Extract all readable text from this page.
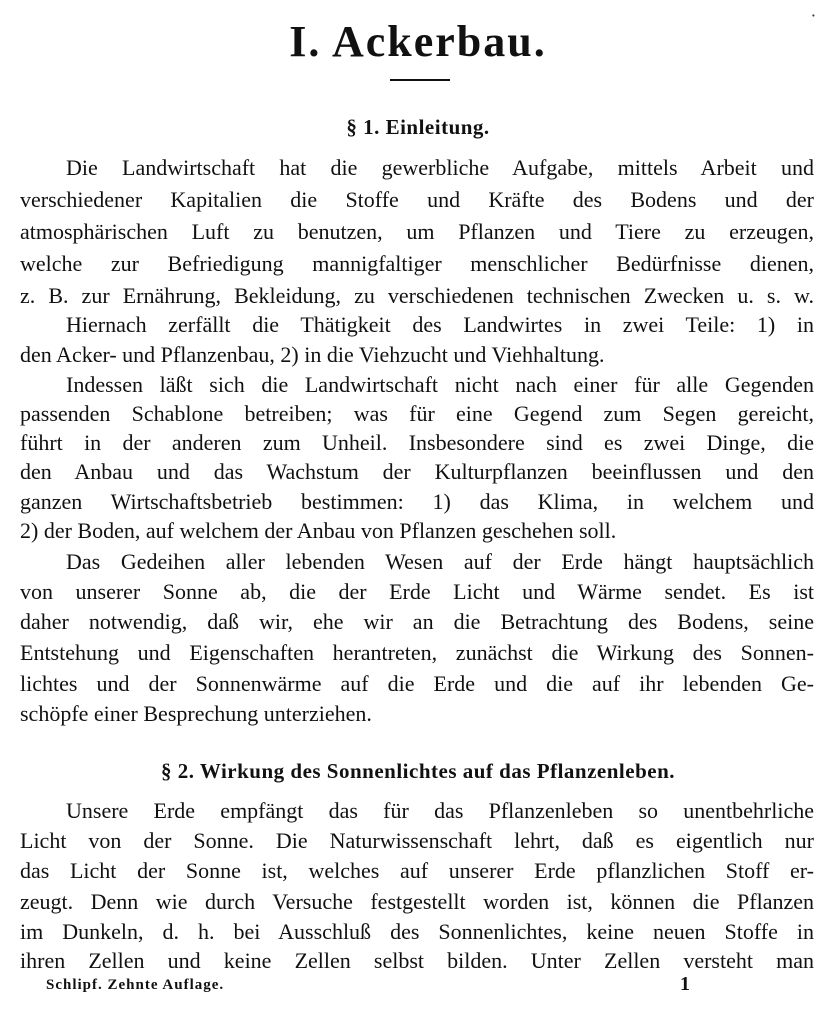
·
I. Ackerbau.
§ 1. Einleitung.
Die Landwirtschaft hat die gewerbliche Aufgabe, mittels Arbeit und
verschiedener Kapitalien die Stoffe und Kräfte des Bodens und der
atmosphärischen Luft zu benutzen, um Pflanzen und Tiere zu erzeugen,
welche zur Befriedigung mannigfaltiger menschlicher Bedürfnisse dienen,
z. B. zur Ernährung, Bekleidung, zu verschiedenen technischen Zwecken u. s. w.
Hiernach zerfällt die Thätigkeit des Landwirtes in zwei Teile: 1) in
den Acker- und Pflanzenbau, 2) in die Viehzucht und Viehhaltung.
Indessen läßt sich die Landwirtschaft nicht nach einer für alle Gegenden
passenden Schablone betreiben; was für eine Gegend zum Segen gereicht,
führt in der anderen zum Unheil. Insbesondere sind es zwei Dinge, die
den Anbau und das Wachstum der Kulturpflanzen beeinflussen und den
ganzen Wirtschaftsbetrieb bestimmen: 1) das Klima, in welchem und
2) der Boden, auf welchem der Anbau von Pflanzen geschehen soll.
Das Gedeihen aller lebenden Wesen auf der Erde hängt hauptsächlich
von unserer Sonne ab, die der Erde Licht und Wärme sendet. Es ist
daher notwendig, daß wir, ehe wir an die Betrachtung des Bodens, seine
Entstehung und Eigenschaften herantreten, zunächst die Wirkung des Sonnen-
lichtes und der Sonnenwärme auf die Erde und die auf ihr lebenden Ge-
schöpfe einer Besprechung unterziehen.
§ 2. Wirkung des Sonnenlichtes auf das Pflanzenleben.
Unsere Erde empfängt das für das Pflanzenleben so unentbehrliche
Licht von der Sonne. Die Naturwissenschaft lehrt, daß es eigentlich nur
das Licht der Sonne ist, welches auf unserer Erde pflanzlichen Stoff er-
zeugt. Denn wie durch Versuche festgestellt worden ist, können die Pflanzen
im Dunkeln, d. h. bei Ausschluß des Sonnenlichtes, keine neuen Stoffe in
ihren Zellen und keine Zellen selbst bilden. Unter Zellen versteht man
Schlipf. Zehnte Auflage.	1
